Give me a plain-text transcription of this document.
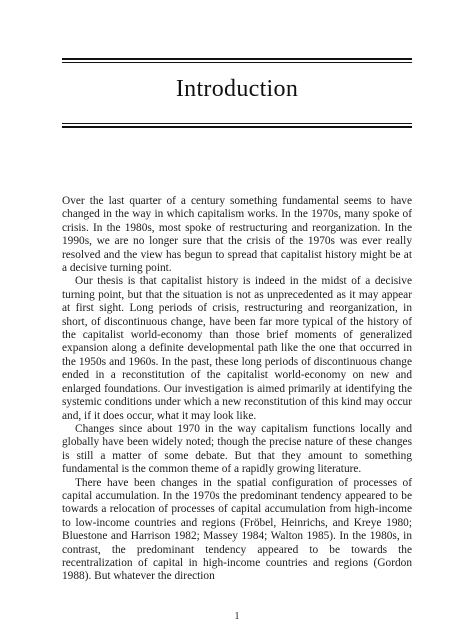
Introduction

Over the last quarter of a century something fundamental seems to have changed in the way in which capitalism works. In the 1970s, many spoke of crisis. In the 1980s, most spoke of restructuring and reorganization. In the 1990s, we are no longer sure that the crisis of the 1970s was ever really resolved and the view has begun to spread that capitalist history might be at a decisive turning point.

Our thesis is that capitalist history is indeed in the midst of a decisive turning point, but that the situation is not as unprecedented as it may appear at first sight. Long periods of crisis, restructuring and reorganization, in short, of discontinuous change, have been far more typical of the history of the capitalist world-economy than those brief moments of generalized expansion along a definite developmental path like the one that occurred in the 1950s and 1960s. In the past, these long periods of discontinuous change ended in a reconstitution of the capitalist world-economy on new and enlarged foundations. Our investigation is aimed primarily at identifying the systemic conditions under which a new reconstitution of this kind may occur and, if it does occur, what it may look like.

Changes since about 1970 in the way capitalism functions locally and globally have been widely noted; though the precise nature of these changes is still a matter of some debate. But that they amount to something fundamental is the common theme of a rapidly growing literature.

There have been changes in the spatial configuration of processes of capital accumulation. In the 1970s the predominant tendency appeared to be towards a relocation of processes of capital accumulation from high-income to low-income countries and regions (Fröbel, Heinrichs, and Kreye 1980; Bluestone and Harrison 1982; Massey 1984; Walton 1985). In the 1980s, in contrast, the predominant tendency appeared to be towards the recentralization of capital in high-income countries and regions (Gordon 1988). But whatever the direction

1
